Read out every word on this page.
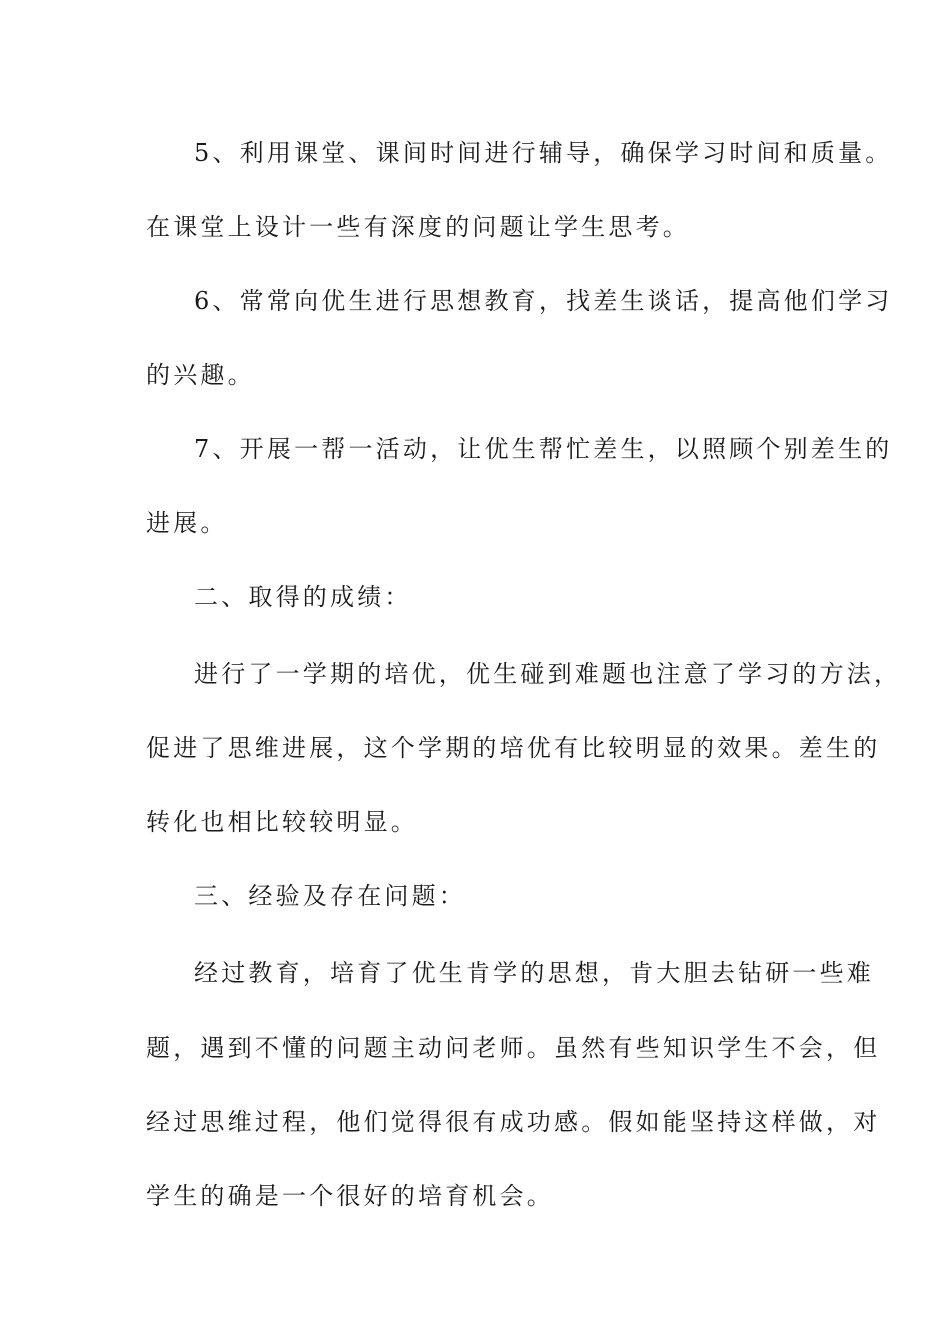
5、利用课堂、课间时间进行辅导，确保学习时间和质量。
在课堂上设计一些有深度的问题让学生思考。
6、常常向优生进行思想教育，找差生谈话，提高他们学习
的兴趣。
7、开展一帮一活动，让优生帮忙差生，以照顾个别差生的
进展。
二、取得的成绩：
进行了一学期的培优，优生碰到难题也注意了学习的方法，
促进了思维进展，这个学期的培优有比较明显的效果。差生的
转化也相比较较明显。
三、经验及存在问题：
经过教育，培育了优生肯学的思想，肯大胆去钻研一些难
题，遇到不懂的问题主动问老师。虽然有些知识学生不会，但
经过思维过程，他们觉得很有成功感。假如能坚持这样做，对
学生的确是一个很好的培育机会。
